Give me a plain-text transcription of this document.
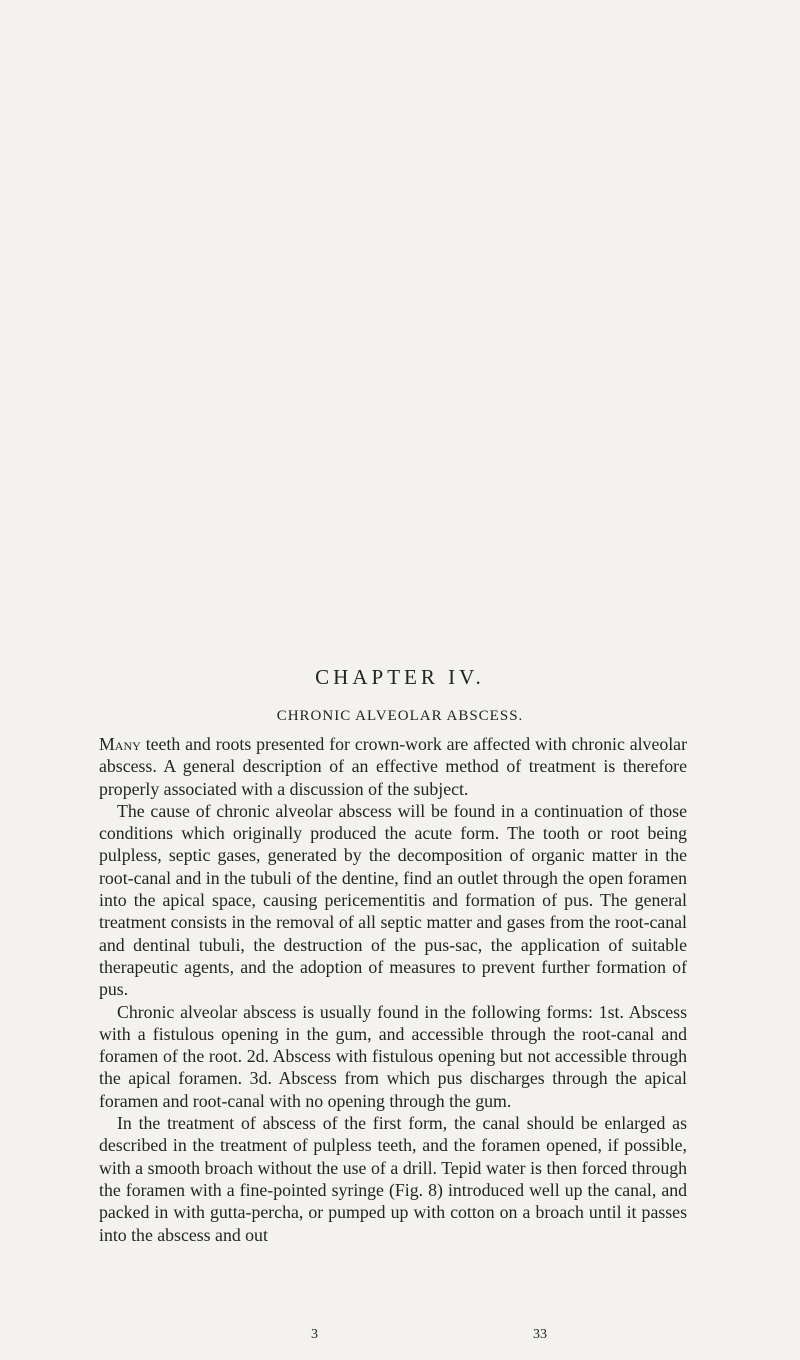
CHAPTER IV.
CHRONIC ALVEOLAR ABSCESS.

Many teeth and roots presented for crown-work are affected with chronic alveolar abscess. A general description of an effective method of treatment is therefore properly associated with a discussion of the subject.

The cause of chronic alveolar abscess will be found in a continuation of those conditions which originally produced the acute form. The tooth or root being pulpless, septic gases, generated by the decomposition of organic matter in the root-canal and in the tubuli of the dentine, find an outlet through the open foramen into the apical space, causing pericementitis and formation of pus. The general treatment consists in the removal of all septic matter and gases from the root-canal and dentinal tubuli, the destruction of the pus-sac, the application of suitable therapeutic agents, and the adoption of measures to prevent further formation of pus.

Chronic alveolar abscess is usually found in the following forms: 1st. Abscess with a fistulous opening in the gum, and accessible through the root-canal and foramen of the root. 2d. Abscess with fistulous opening but not accessible through the apical foramen. 3d. Abscess from which pus discharges through the apical foramen and root-canal with no opening through the gum.

In the treatment of abscess of the first form, the canal should be enlarged as described in the treatment of pulpless teeth, and the foramen opened, if possible, with a smooth broach without the use of a drill. Tepid water is then forced through the foramen with a fine-pointed syringe (Fig. 8) introduced well up the canal, and packed in with gutta-percha, or pumped up with cotton on a broach until it passes into the abscess and out

3	33
